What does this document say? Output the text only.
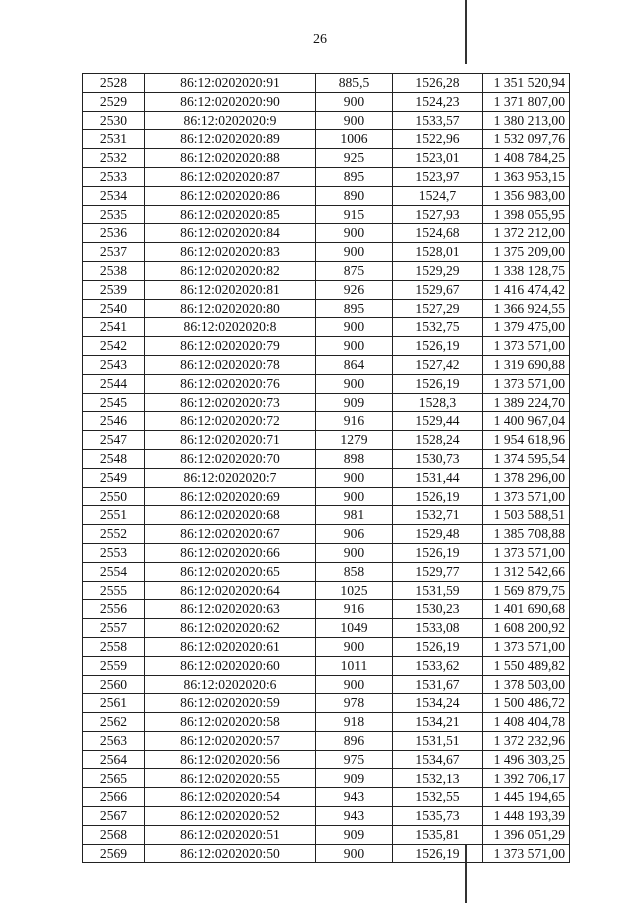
26
2528	86:12:0202020:91	885,5	1526,28	1 351 520,94
2529	86:12:0202020:90	900	1524,23	1 371 807,00
2530	86:12:0202020:9	900	1533,57	1 380 213,00
2531	86:12:0202020:89	1006	1522,96	1 532 097,76
2532	86:12:0202020:88	925	1523,01	1 408 784,25
2533	86:12:0202020:87	895	1523,97	1 363 953,15
2534	86:12:0202020:86	890	1524,7	1 356 983,00
2535	86:12:0202020:85	915	1527,93	1 398 055,95
2536	86:12:0202020:84	900	1524,68	1 372 212,00
2537	86:12:0202020:83	900	1528,01	1 375 209,00
2538	86:12:0202020:82	875	1529,29	1 338 128,75
2539	86:12:0202020:81	926	1529,67	1 416 474,42
2540	86:12:0202020:80	895	1527,29	1 366 924,55
2541	86:12:0202020:8	900	1532,75	1 379 475,00
2542	86:12:0202020:79	900	1526,19	1 373 571,00
2543	86:12:0202020:78	864	1527,42	1 319 690,88
2544	86:12:0202020:76	900	1526,19	1 373 571,00
2545	86:12:0202020:73	909	1528,3	1 389 224,70
2546	86:12:0202020:72	916	1529,44	1 400 967,04
2547	86:12:0202020:71	1279	1528,24	1 954 618,96
2548	86:12:0202020:70	898	1530,73	1 374 595,54
2549	86:12:0202020:7	900	1531,44	1 378 296,00
2550	86:12:0202020:69	900	1526,19	1 373 571,00
2551	86:12:0202020:68	981	1532,71	1 503 588,51
2552	86:12:0202020:67	906	1529,48	1 385 708,88
2553	86:12:0202020:66	900	1526,19	1 373 571,00
2554	86:12:0202020:65	858	1529,77	1 312 542,66
2555	86:12:0202020:64	1025	1531,59	1 569 879,75
2556	86:12:0202020:63	916	1530,23	1 401 690,68
2557	86:12:0202020:62	1049	1533,08	1 608 200,92
2558	86:12:0202020:61	900	1526,19	1 373 571,00
2559	86:12:0202020:60	1011	1533,62	1 550 489,82
2560	86:12:0202020:6	900	1531,67	1 378 503,00
2561	86:12:0202020:59	978	1534,24	1 500 486,72
2562	86:12:0202020:58	918	1534,21	1 408 404,78
2563	86:12:0202020:57	896	1531,51	1 372 232,96
2564	86:12:0202020:56	975	1534,67	1 496 303,25
2565	86:12:0202020:55	909	1532,13	1 392 706,17
2566	86:12:0202020:54	943	1532,55	1 445 194,65
2567	86:12:0202020:52	943	1535,73	1 448 193,39
2568	86:12:0202020:51	909	1535,81	1 396 051,29
2569	86:12:0202020:50	900	1526,19	1 373 571,00
